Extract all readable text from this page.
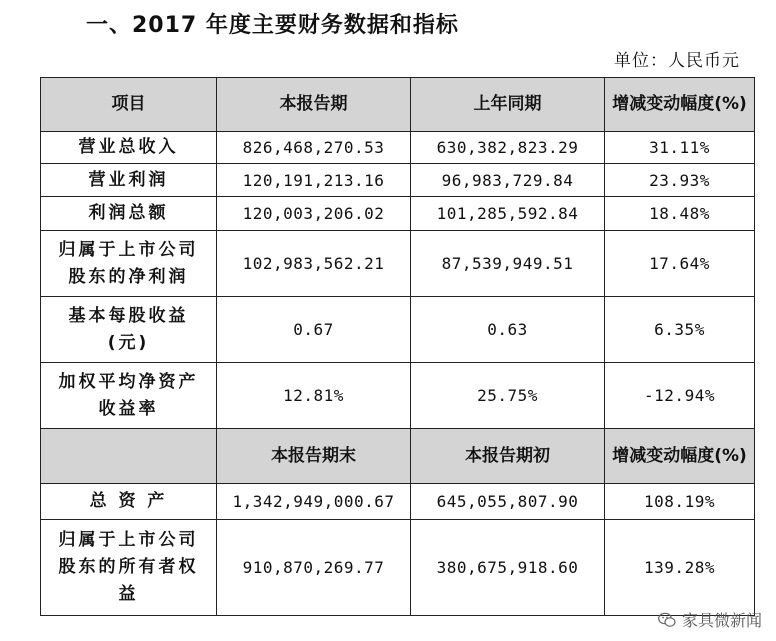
一、2017 年度主要财务数据和指标
单位：人民币元
项目	本报告期	上年同期	增减变动幅度(%)
营业总收入	826,468,270.53	630,382,823.29	31.11%
营业利润	120,191,213.16	96,983,729.84	23.93%
利润总额	120,003,206.02	101,285,592.84	18.48%

归属于上市公司
股东的净利润	102,983,562.21	87,539,949.51	17.64%

基本每股收益
(元)	0.67	0.63	6.35%

加权平均净资产
收益率	12.81%	25.75%	-12.94%
	本报告期末	本报告期初	增减变动幅度(%)
总 资 产	1,342,949,000.67	645,055,807.90	108.19%

归属于上市公司
股东的所有者权
益	910,870,269.77	380,675,918.60	139.28%
家具微新闻
